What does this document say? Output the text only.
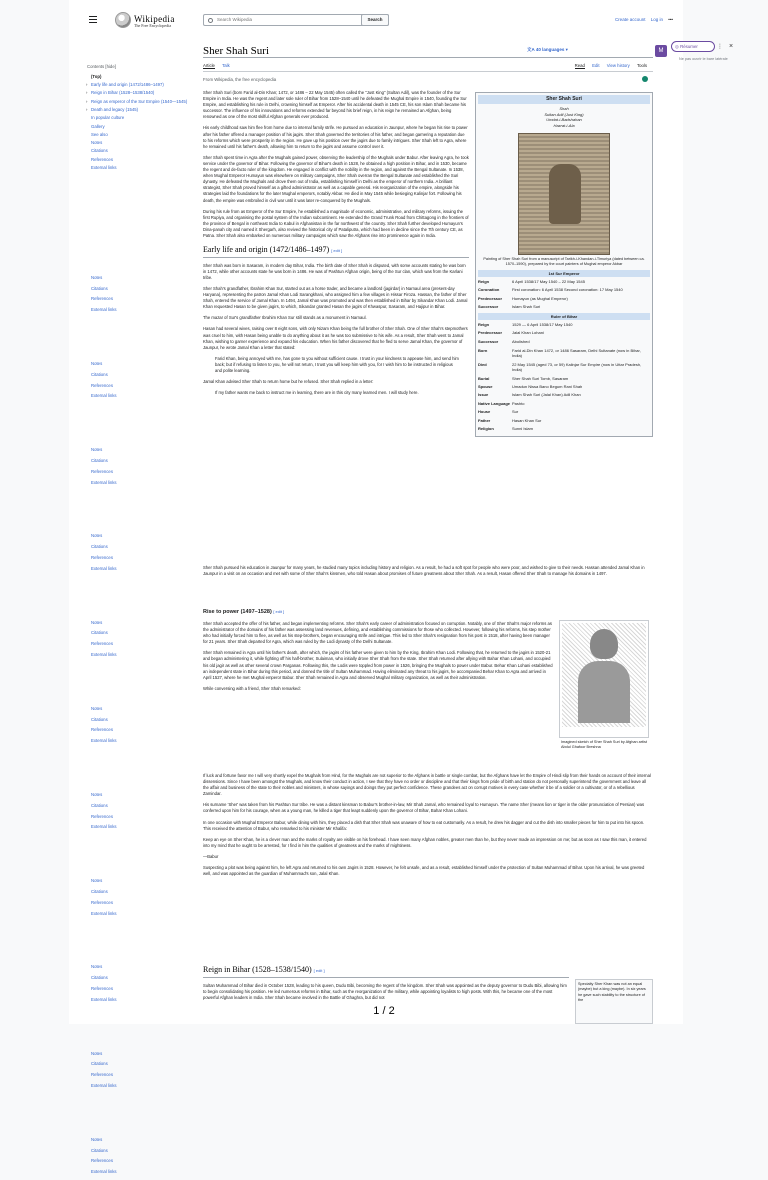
Wikipedia
The Free Encyclopedia
Search Wikipedia
Search	Create account Log in •••
Contents [hide]
(Top)
› Early life and origin (1472/1486–1497)
› Reign in Bihar (1528–1538/1540)
› Reign as emperor of the Sur Empire (1540—1545)
› Death and legacy (1545)
In popular culture
Gallery
See also
Notes
Citations
References
External links
Notes
Citations
References
External links
Notes
Citations
References
External links
Notes
Citations
References
External links
Notes
Citations
References
External links
Notes
Citations
References
External links
Notes
Citations
References
External links
Notes
Citations
References
External links
Notes
Citations
References
External links
Notes
Citations
References
External links
Notes
Citations
References
External links
Notes
Citations
References
External links
Sher Shah Suri	文A 40 languages ▾
Article Talk	Read Edit View history Tools
From Wikipedia, the free encyclopedia

Sher Shah Suri (born Farid al-Din Khan; 1472, or 1486 – 22 May 1545) often called the "Just King" (Sultan Adil), was the founder of the Sur Empire in India. He was the regent and later sole ruler of Bihar from 1528–1540 until he defeated the Mughal Empire in 1540, founding the Sur Empire, and establishing his rule in Delhi, crowning himself as Emperor. After his accidental death in 1545 CE, his son Islam Shah became his successor. The influence of his innovations and reforms extended far beyond his brief reign, in his reign he remained an Afghan, being renowned as one of the most skilful Afghan generals ever produced.

His early childhood saw him flee from home due to internal family strife. He pursued an education in Jaunpur, where he began his rise to power after his father offered a manager position of his jagirs. Sher Shah governed the territories of his father, and began garnering a reputation due to his reforms which were prosperity in the region. He gave up his position over the jagirs due to family intrigues. Sher Shah left to Agra, where he remained until his father's death, allowing him to return to the jagirs and assume control over it.

Sher Shah spent time in Agra after the Mughals gained power, observing the leadership of the Mughals under Babur. After leaving Agra, he took service under the governor of Bihar. Following the governor of Bihar's death in 1528, he obtained a high position in Bihar, and in 1530, became the regent and de-facto ruler of the kingdom. He engaged in conflict with the nobility in the region, and against the Bengal Sultanate. In 1538, when Mughal Emperor Humayun was elsewhere on military campaigns, Sher Shah overran the Bengal Sultanate and established the Suri dynasty. He defeated the Mughals and drove them out of India, establishing himself in Delhi as the emperor of northern India. A brilliant strategist, Sher Shah proved himself as a gifted administrator as well as a capable general. His reorganization of the empire, alongside his strategies laid the foundations for the later Mughal emperors, notably Akbar. He died in May 1545 while besieging Kalinjar fort. Following his death, the empire was embroiled in civil war until it was later re-conquered by the Mughals.

During his rule from as Emperor of the Sur Empire, he established a magnitude of economic, administrative, and military reforms, issuing the first Rupiya, and organising the postal system of the Indian subcontinent. He extended the Grand Trunk Road from Chittagong in the frontiers of the province of Bengal in northeast India to Kabul in Afghanistan in the far northwest of the country. Sher Shah further developed Humayun's Dina-panah city and named it Shergarh, also revived the historical city of Pataliputra, which had been in decline since the 7th century CE, as Patna. Sher Shah also embarked on numerous military campaigns which saw the Afghans rise into prominence again in India.

Early life and origin (1472/1486–1497) [ edit ]

Sher Shah was born in Sasaram, in modern day Bihar, India. The birth date of Sher Shah is disputed, with some accounts stating he was born in 1472, while other accounts state he was born in 1486. He was of Pashtun Afghan origin, being of the Sur clan, which was from the Karlani tribe.

Sher Shah's grandfather, Ibrahim Khan Sur, started out as a horse trader, and became a landlord (jagirdar) in Narnaul area (present-day Haryana), representing the patron Jamal Khan Lodi Sarangkhani, who assigned him a few villages in Hissar Firoza. Hassan, the father of Sher Shah, entered the service of Jamal Khan. In 1494, Jamal Khan was promoted and was then established in Bihar by Sikandar Khan Lodi. Jamal Khan requested Hasan to be given jagirs, to which, Sikandar granted Hasan the jagirs of Khwaspur, Sasaram, and Hajipur in Bihar.

The mazar of Sur's grandfather Ibrahim Khan Sur still stands as a monument in Narnaul.

Hasan had several wives, raising over 8 eight sons, with only Nizam Khan being the full brother of Sher Shah. One of Sher Shah's stepmothers was cruel to him, with Hasan being unable to do anything about it as he was too submissive to his wife. As a result, Sher Shah went to Jamal Khan, wishing to garner experience and expand his education. When his father discovered that he fled to serve Jamal Khan, the governor of Jaunpur, he wrote Jamal Khan a letter that stated:

Farid Khan, being annoyed with me, has gone to you without sufficient cause. I trust in your kindness to appease him, and send him back; but if refusing to listen to you, he will not return, I trust you will keep him with you, for I wish him to be instructed in religious and polite learning.

Jamal Khan advised Sher Shah to return home but he refused. Sher Shah replied in a letter:

If my father wants me back to instruct me in learning, there are in this city many learned men. I will study here.

Sher Shah Suri
Shah
Sultan Adil (Just King)
Umdat-i-Badshahan
Hazrat-i-Ala
Painting of Sher Shah Suri from a manuscript of Tarikh-i-Khandan-i-Timuriya (dated between ca. 1570–1590), prepared by the court painters of Mughal emperor Akbar
1st Sur Emperor
Reign	6 April 1538/17 May 1540 – 22 May 1545
Coronation	First coronation: 6 April 1538 Second coronation: 17 May 1540
Predecessor	Humayun (as Mughal Emperor)
Successor	Islam Shah Suri
Ruler of Bihar
Reign	1529 — 6 April 1538/17 May 1540
Predecessor	Jalal Khan Lohani
Successor	Abolished
Born	Farid al-Din Khan 1472, or 1486 Sasaram, Delhi Sultanate (now in Bihar, India)
Died	22 May 1545 (aged 73, or 59) Kalinjar Sur Empire (now in Uttar Pradesh, India)
Burial	Sher Shah Suri Tomb, Sasaram
Spouse	Umadun Nissa Bano Begum Rani Shah
Issue	Islam Shah Suri (Jalal Khan) Adil Khan
Native Language Pashto
House	Sur
Father	Hasan Khan Sur
Religion	Sunni Islam

Sher Shah pursued his education in Jaunpur for many years, he studied many topics including history and religion. As a result, he had a soft spot for people who were poor, and wished to give to their needs. Hassan attended Jamal Khan in Jaunpur in a visit on an occasion and met with some of Sher Shah's kinsmen, who told Hasan about promises of future greatness about Sher Shah. As a result, Hasan offered Sher Shah to manage his domains in 1497.

Rise to power (1497–1528) [ edit ]

Sher Shah accepted the offer of his father, and began implementing reforms. Sher Shah's early career of administration focused on corruption. Notably, one of Sher Shah's major reforms as the administrator of the domains of his father was assessing land revenues, defining, and establishing commissions for those who collected. However, following his reforms, his step mother who had initially forced him to flee, as well as his step-brothers, began encouraging strife and intrigue. This led to Sher Shah's resignation from his post in 1518, after having been manager for 21 years. Sher Shah departed for Agra, which was ruled by the Lodi dynasty of the Delhi Sultanate.

Sher Shah remained in Agra until his father's death, after which, the jagirs of his father were given to him by the King, Ibrahim Khan Lodi. Following that, he returned to the jagirs in 1520-21 and began administering it, while fighting off his half-brother, Sulaiman, who initially drove Sher Shah from the state. Sher Shah returned after allying with Bahar Khan Lohani, and occupied his old jagir as well as other several crown Parganas. Following this, the Lodis were toppled from power in 1526, bringing the Mughals to power under Babur. Behar Khan Lohani established an independent state in Bihar during this period, and donned the title of Sultan Muhammad. Having eliminated any threat to his jagirs, he accompanied Behar Khan to Agra and arrived in April 1527, where he met Mughal emperor Babur. Sher Shah remained in Agra and observed Mughal military organization, as well as their administration.

While conversing with a friend, Sher Shah remarked:

Imagined sketch of Sher Shah Suri by Afghan artist Abdul Ghafoor Breshna

If luck and fortune favor me I will very shortly expel the Mughals from Hind, for the Mughals are not superior to the Afghans in battle or single combat, but the Afghans have let the Empire of Hindi slip from their hands on account of their internal dissensions. Since I have been amongst the Mughals, and know their conduct in action, I see that they have no order or discipline and that their kings from pride of birth and station do not personally superintend the government and leave all the affair and business of the state to their nobles and ministers, in whose sayings and doings they put perfect confidence. These grandees act on corrupt motives in every case whether it be of a soldier or a cultivator, or of a rebellious Zamindar.

His surname 'Sher' was taken from his Pashtun Sur tribe. He was a distant kinsman to Babur's brother-in-law, Mir Shah Jamal, who remained loyal to Humayun. The name Sher (means lion or tiger in the older pronunciation of Persian) was conferred upon him for his courage, when as a young man, he killed a tiger that leapt suddenly upon the governor of Bihar, Bahar Khan Lohani.

In one occasion with Mughal Emperor Babur, while dining with him, they placed a dish that Sher Shah was unaware of how to eat customarily. As a result, he drew his dagger and cut the dish into smaller pieces for him to put into his spoon. This received the attention of Babur, who remarked to his minister Mir Khalifa:

Keep an eye on Sher Khan, he is a clever man and the marks of royalty are visible on his forehead. I have seen many Afghan nobles, greater men than he, but they never made an impression on me; but as soon as I saw this man, it entered into my mind that he ought to be arrested, for I find in him the qualities of greatness and the marks of mightiness.

—Babur

Suspecting a plot was being against him, he left Agra and returned to his own Jagirs in 1528. However, he felt unsafe, and as a result, established himself under the protection of Sultan Muhammad of Bihar. Upon his arrival, he was greeted well, and was appointed as the guardian of Muhammad's son, Jalal Khan.

Reign in Bihar (1528–1538/1540) [ edit ]

Sultan Muhammad of Bihar died in October 1528, leading to his queen, Dudu Bibi, becoming the regent of the kingdom. Sher Shah was appointed as the deputy governor to Dudu Bibi, allowing him to begin consolidating his position. He led numerous reforms in Bihar, such as the reorganization of the military, while appointing loyalists to high posts. With this, he became one of the most powerful Afghan leaders in India. Sher Shah became involved in the Battle of Ghaghra, but did not

Specialty Sher Khan was not an equal (maybe) but a king (maybe). In six years he gave such stability to the structure of the
M
◎ Résumer	⋮ ×
Ne pas ouvrir le bare latérale
1 / 2
